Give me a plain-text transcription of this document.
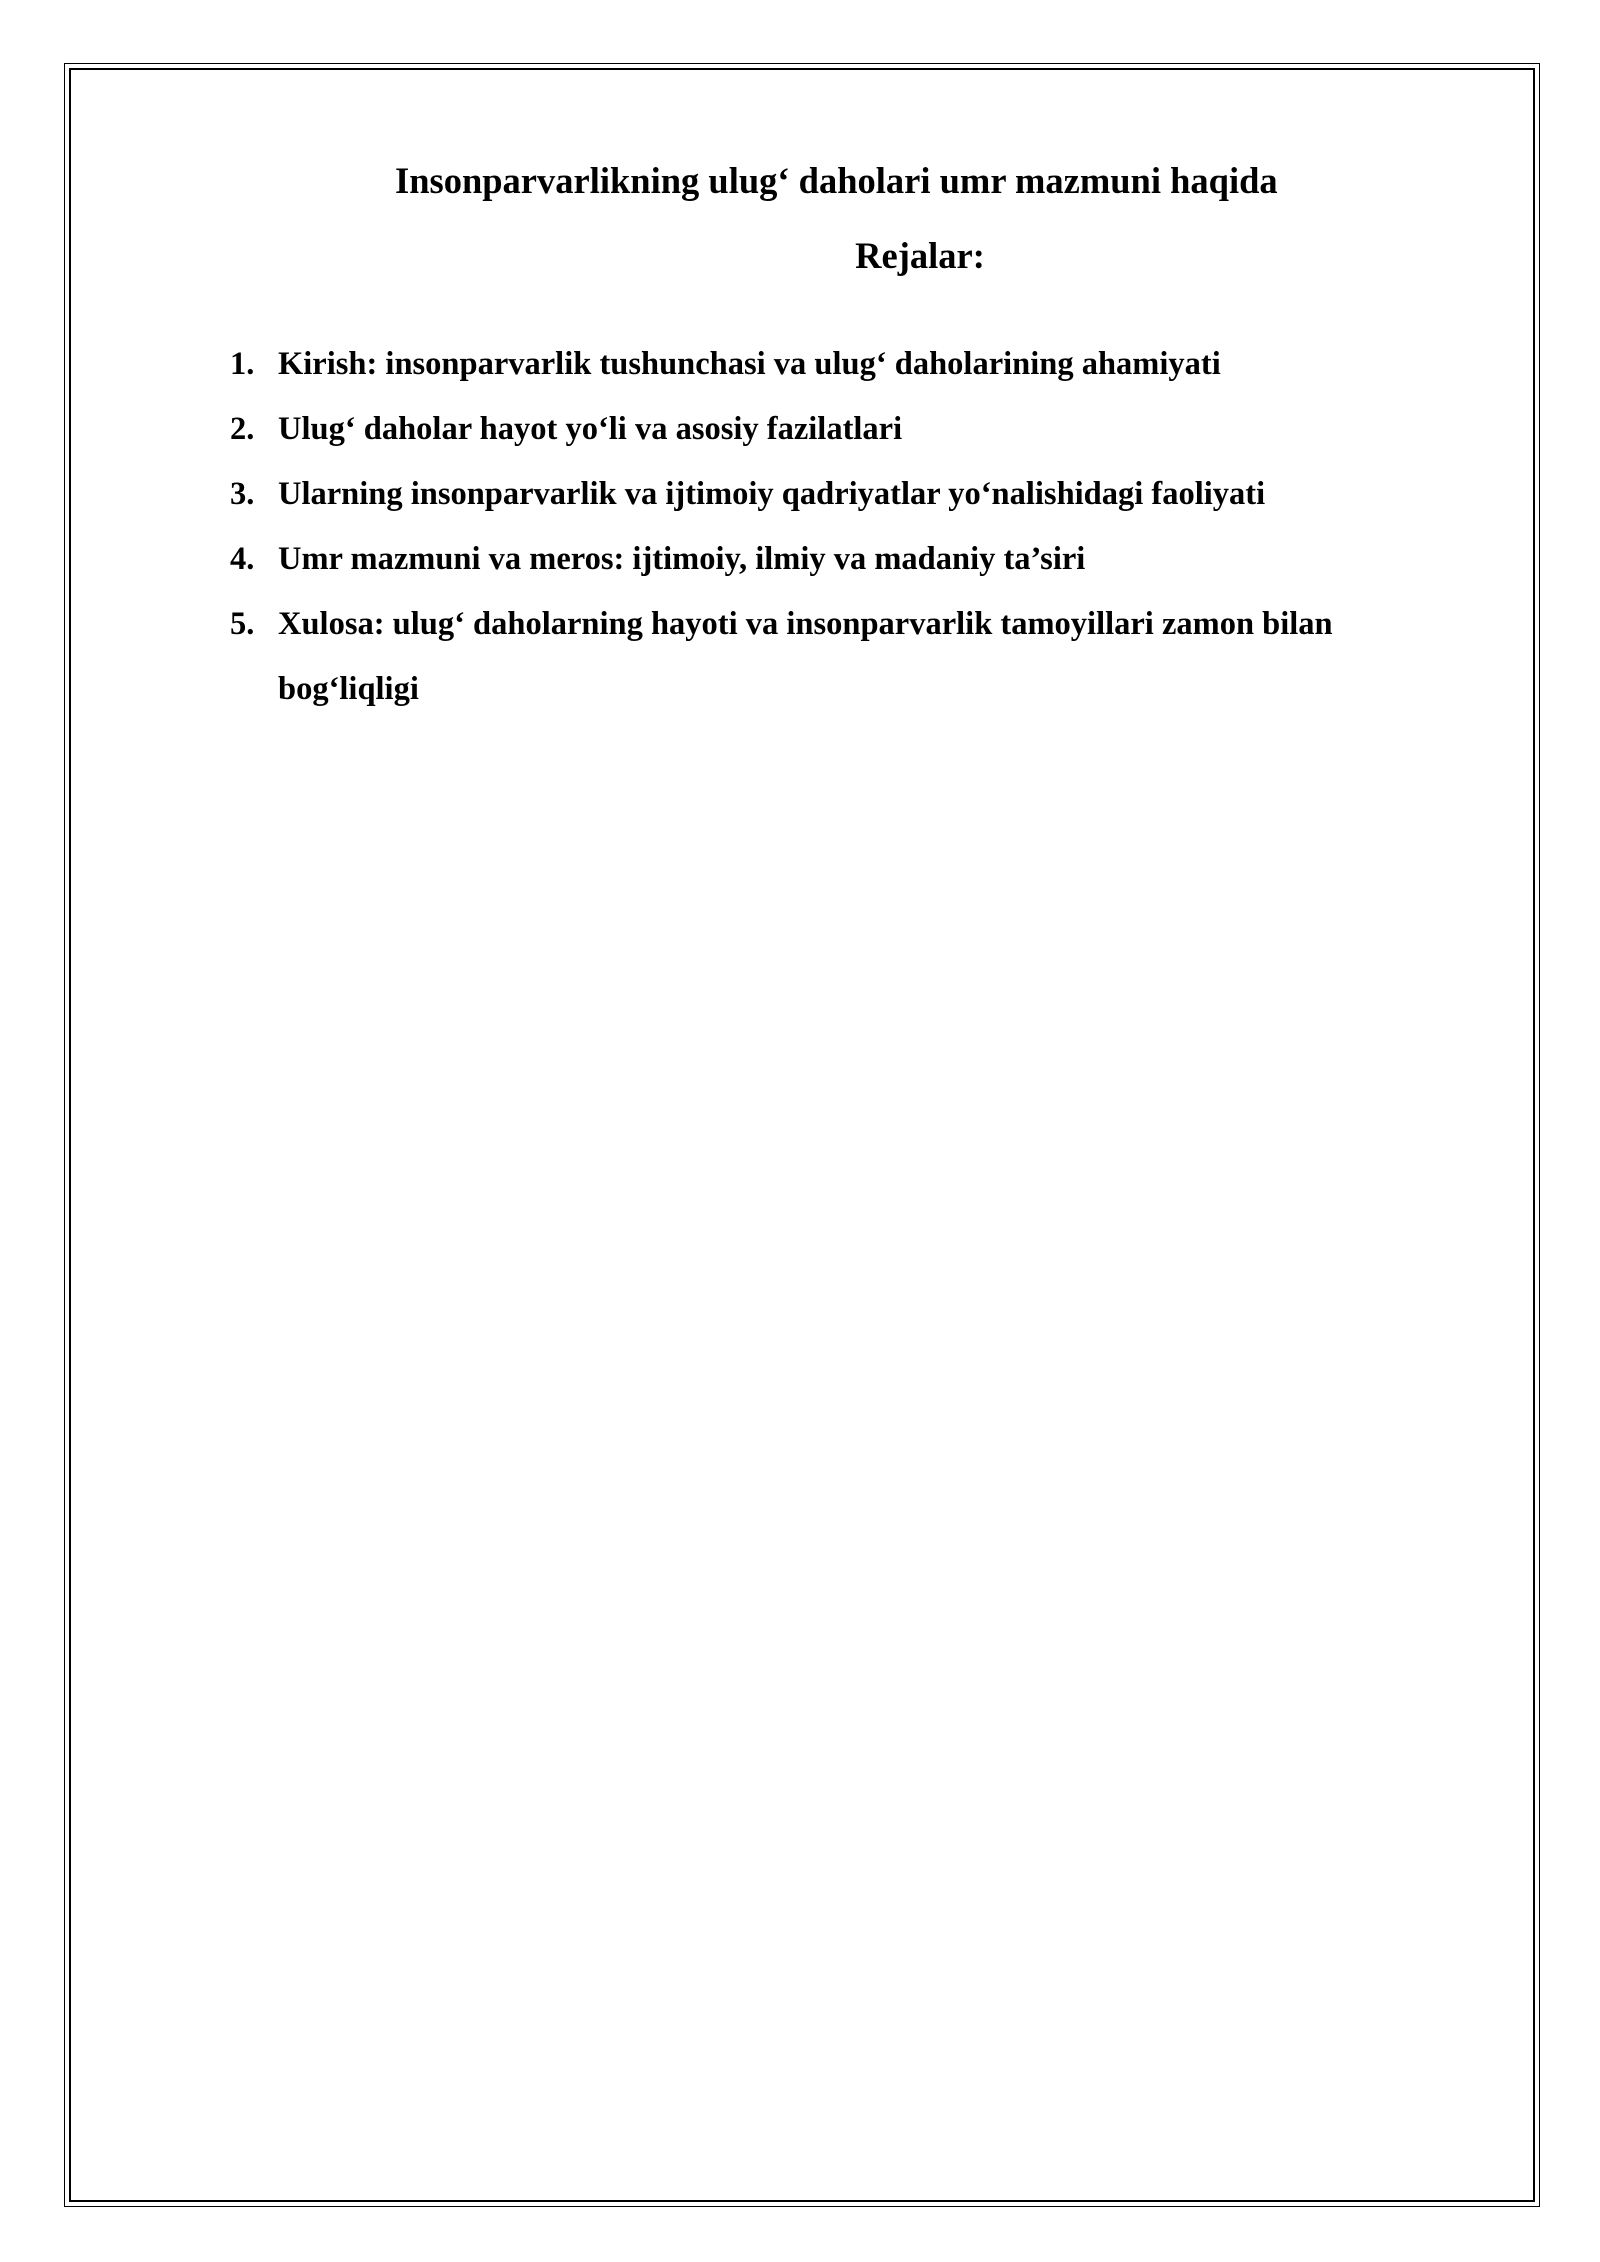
Insonparvarlikning ulug‘ daholari umr mazmuni haqida
Rejalar:
1. Kirish: insonparvarlik tushunchasi va ulug‘ daholarining ahamiyati
2. Ulug‘ daholar hayot yo‘li va asosiy fazilatlari
3. Ularning insonparvarlik va ijtimoiy qadriyatlar yo‘nalishidagi faoliyati
4. Umr mazmuni va meros: ijtimoiy, ilmiy va madaniy ta’siri
5. Xulosa: ulug‘ daholarning hayoti va insonparvarlik tamoyillari zamon bilan bog‘liqligi
